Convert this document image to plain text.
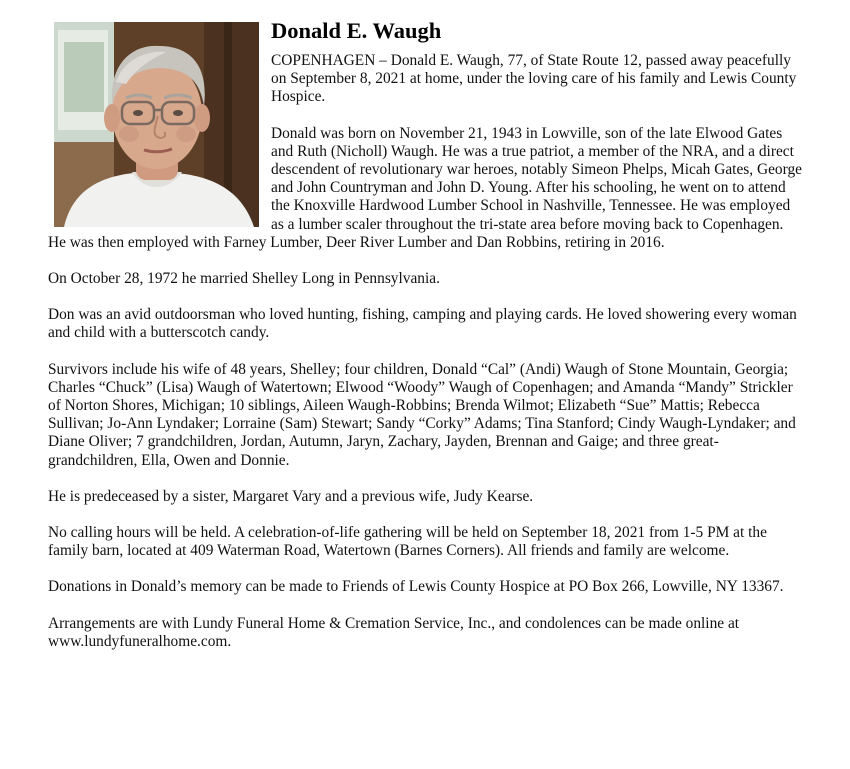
Donald E. Waugh

COPENHAGEN – Donald E. Waugh, 77, of State Route 12, passed away peacefully on September 8, 2021 at home, under the loving care of his family and Lewis County Hospice.

Donald was born on November 21, 1943 in Lowville, son of the late Elwood Gates and Ruth (Nicholl) Waugh. He was a true patriot, a member of the NRA, and a direct descendent of revolutionary war heroes, notably Simeon Phelps, Micah Gates, George and John Countryman and John D. Young. After his schooling, he went on to attend the Knoxville Hardwood Lumber School in Nashville, Tennessee. He was employed as a lumber scaler throughout the tri-state area before moving back to Copenhagen. He was then employed with Farney Lumber, Deer River Lumber and Dan Robbins, retiring in 2016.

On October 28, 1972 he married Shelley Long in Pennsylvania.

Don was an avid outdoorsman who loved hunting, fishing, camping and playing cards. He loved showering every woman and child with a butterscotch candy.

Survivors include his wife of 48 years, Shelley; four children, Donald “Cal” (Andi) Waugh of Stone Mountain, Georgia; Charles “Chuck” (Lisa) Waugh of Watertown; Elwood “Woody” Waugh of Copenhagen; and Amanda “Mandy” Strickler of Norton Shores, Michigan; 10 siblings, Aileen Waugh-Robbins; Brenda Wilmot; Elizabeth “Sue” Mattis; Rebecca Sullivan; Jo-Ann Lyndaker; Lorraine (Sam) Stewart; Sandy “Corky” Adams; Tina Stanford; Cindy Waugh-Lyndaker; and Diane Oliver; 7 grandchildren, Jordan, Autumn, Jaryn, Zachary, Jayden, Brennan and Gaige; and three great-grandchildren, Ella, Owen and Donnie.

He is predeceased by a sister, Margaret Vary and a previous wife, Judy Kearse.

No calling hours will be held. A celebration-of-life gathering will be held on September 18, 2021 from 1-5 PM at the family barn, located at 409 Waterman Road, Watertown (Barnes Corners). All friends and family are welcome.

Donations in Donald’s memory can be made to Friends of Lewis County Hospice at PO Box 266, Lowville, NY 13367.

Arrangements are with Lundy Funeral Home & Cremation Service, Inc., and condolences can be made online at www.lundyfuneralhome.com.
